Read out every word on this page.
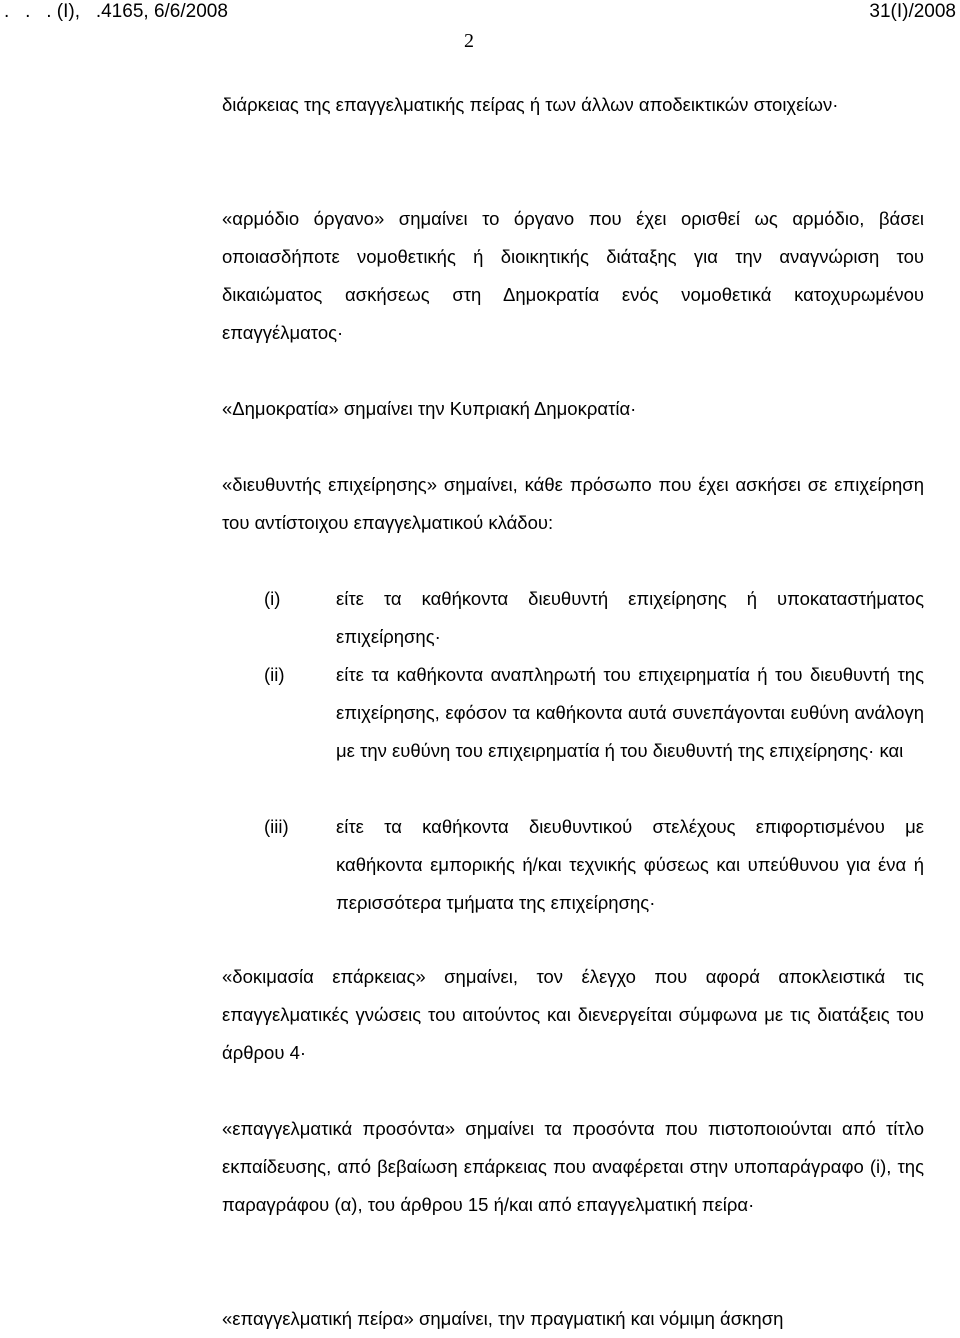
.   .   . (Ι),   .4165, 6/6/2008	31(Ι)/2008
2
διάρκειας της επαγγελματικής πείρας ή των άλλων αποδεικτικών στοιχείων·
«αρμόδιο όργανο» σημαίνει το όργανο που έχει ορισθεί ως αρμόδιο, βάσει οποιασδήποτε νομοθετικής ή διοικητικής διάταξης για την αναγνώριση του δικαιώματος ασκήσεως στη Δημοκρατία ενός νομοθετικά κατοχυρωμένου επαγγέλματος·
«Δημοκρατία» σημαίνει την Κυπριακή Δημοκρατία·
«διευθυντής επιχείρησης» σημαίνει, κάθε πρόσωπο που έχει ασκήσει σε επιχείρηση του αντίστοιχου επαγγελματικού κλάδου:
(i)	είτε τα καθήκοντα διευθυντή επιχείρησης ή υποκαταστήματος επιχείρησης·
(ii)	είτε τα καθήκοντα αναπληρωτή του επιχειρηματία ή του διευθυντή της επιχείρησης, εφόσον τα καθήκοντα αυτά συνεπάγονται ευθύνη ανάλογη με την ευθύνη του επιχειρηματία ή του διευθυντή της επιχείρησης· και
(iii)	είτε τα καθήκοντα διευθυντικού στελέχους επιφορτισμένου με καθήκοντα εμπορικής ή/και τεχνικής φύσεως και υπεύθυνου για ένα ή περισσότερα τμήματα της επιχείρησης·
«δοκιμασία επάρκειας» σημαίνει, τον έλεγχο που αφορά αποκλειστικά τις επαγγελματικές γνώσεις του αιτούντος και διενεργείται σύμφωνα με τις διατάξεις του άρθρου 4·
«επαγγελματικά προσόντα» σημαίνει τα προσόντα που πιστοποιούνται από τίτλο εκπαίδευσης, από βεβαίωση επάρκειας που αναφέρεται στην υποπαράγραφο (i), της παραγράφου (α), του άρθρου 15 ή/και από επαγγελματική πείρα·
«επαγγελματική πείρα» σημαίνει, την πραγματική και νόμιμη άσκηση
